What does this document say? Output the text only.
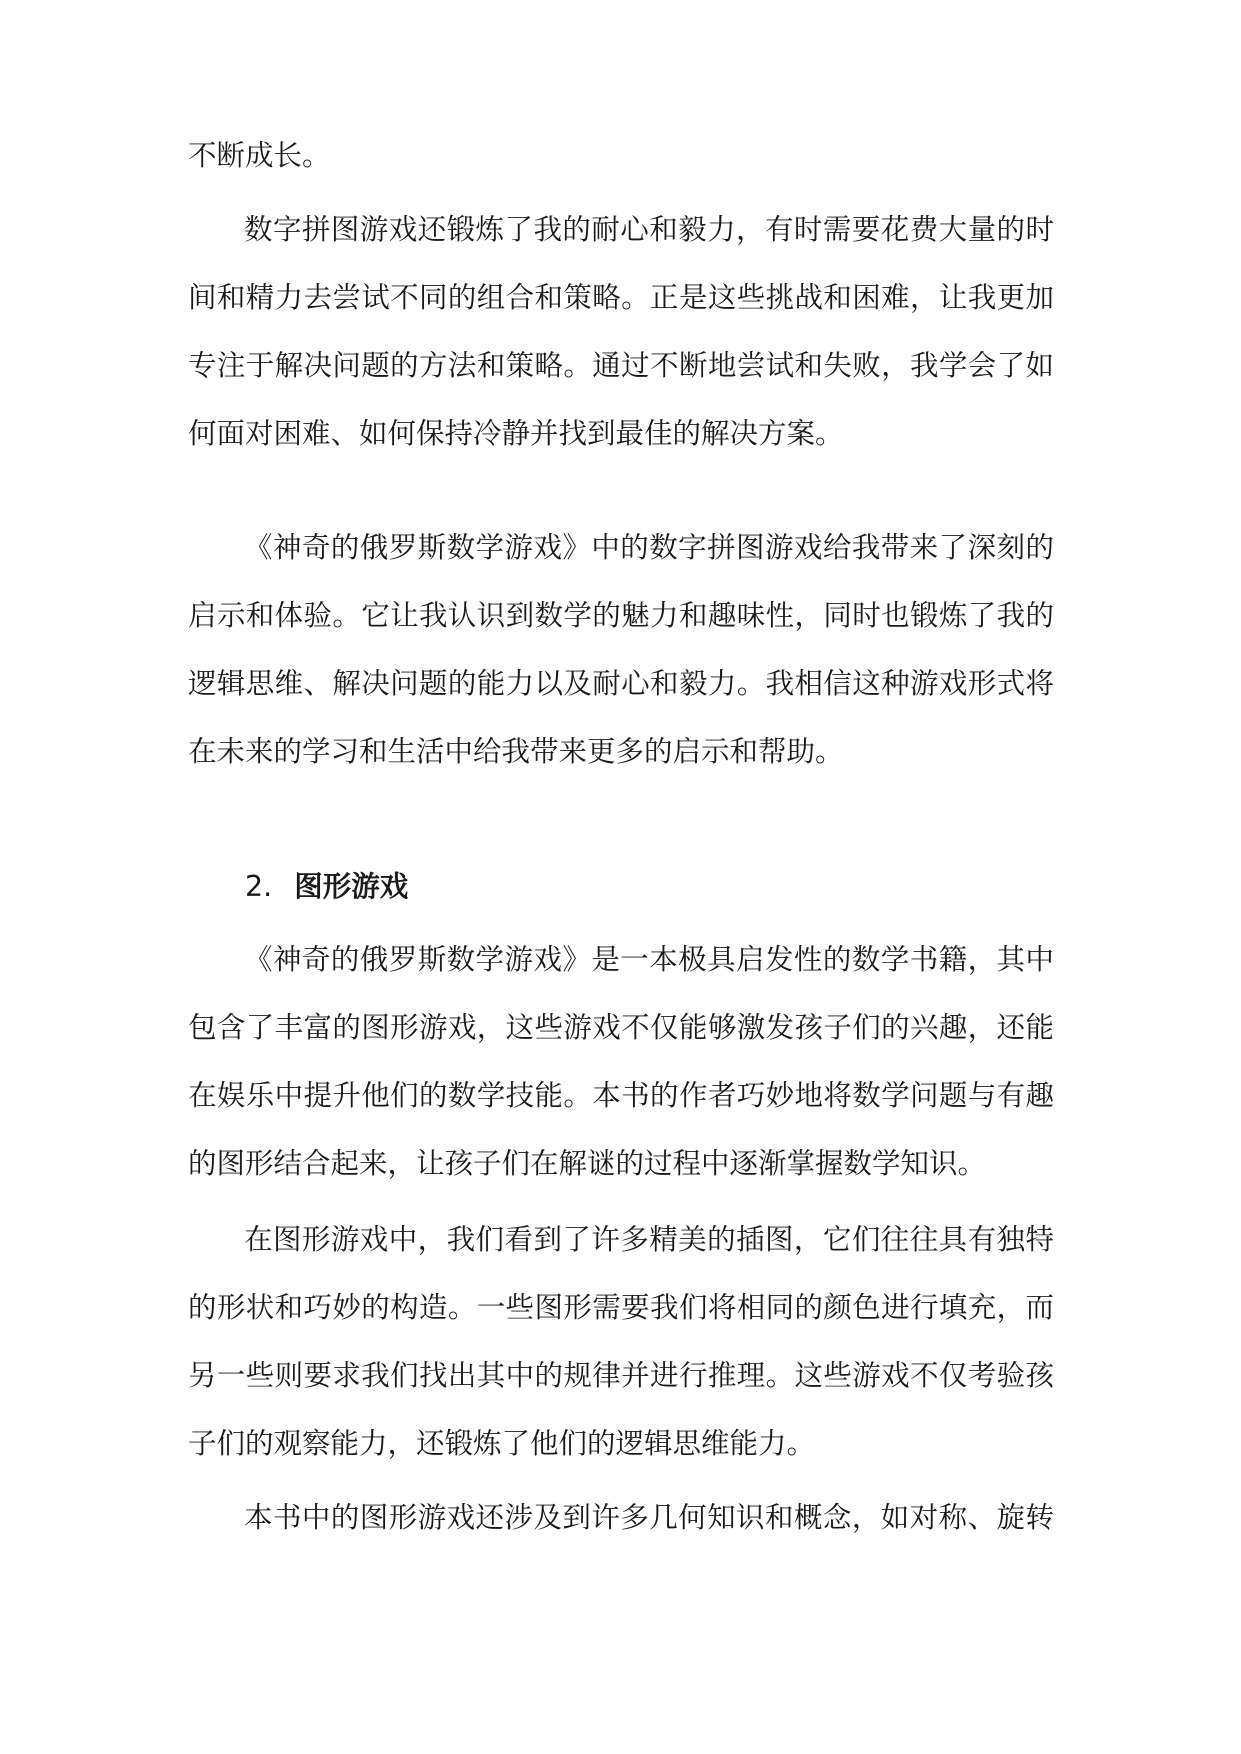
不断成长。
数字拼图游戏还锻炼了我的耐心和毅力，有时需要花费大量的时
间和精力去尝试不同的组合和策略。正是这些挑战和困难，让我更加
专注于解决问题的方法和策略。通过不断地尝试和失败，我学会了如
何面对困难、如何保持冷静并找到最佳的解决方案。
《神奇的俄罗斯数学游戏》中的数字拼图游戏给我带来了深刻的
启示和体验。它让我认识到数学的魅力和趣味性，同时也锻炼了我的
逻辑思维、解决问题的能力以及耐心和毅力。我相信这种游戏形式将
在未来的学习和生活中给我带来更多的启示和帮助。
《神奇的俄罗斯数学游戏》是一本极具启发性的数学书籍，其中
包含了丰富的图形游戏，这些游戏不仅能够激发孩子们的兴趣，还能
在娱乐中提升他们的数学技能。本书的作者巧妙地将数学问题与有趣
的图形结合起来，让孩子们在解谜的过程中逐渐掌握数学知识。
在图形游戏中，我们看到了许多精美的插图，它们往往具有独特
的形状和巧妙的构造。一些图形需要我们将相同的颜色进行填充，而
另一些则要求我们找出其中的规律并进行推理。这些游戏不仅考验孩
子们的观察能力，还锻炼了他们的逻辑思维能力。
本书中的图形游戏还涉及到许多几何知识和概念，如对称、旋转
2. 图形游戏
